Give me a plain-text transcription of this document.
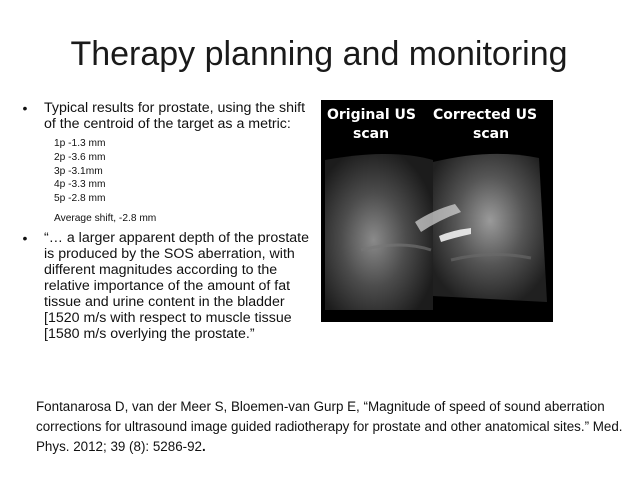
Therapy planning and monitoring
•	Typical results for prostate, using the shift of the centroid of the target as a metric:
1p -1.3 mm
2p -3.6 mm
3p -3.1mm
4p -3.3 mm
5p -2.8 mm
Average shift, -2.8 mm
•	“… a larger apparent depth of the prostate is produced by the SOS aberration, with different magnitudes according to the relative importance of the amount of fat tissue and urine content in the bladder [1520 m/s with respect to muscle tissue [1580 m/s overlying the prostate.”
Original US
scan
Corrected US
scan
Fontanarosa D, van der Meer S, Bloemen-van Gurp E, “Magnitude of speed of sound aberration corrections for ultrasound image guided radiotherapy for prostate and other anatomical sites.” Med. Phys. 2012; 39 (8): 5286-92.
